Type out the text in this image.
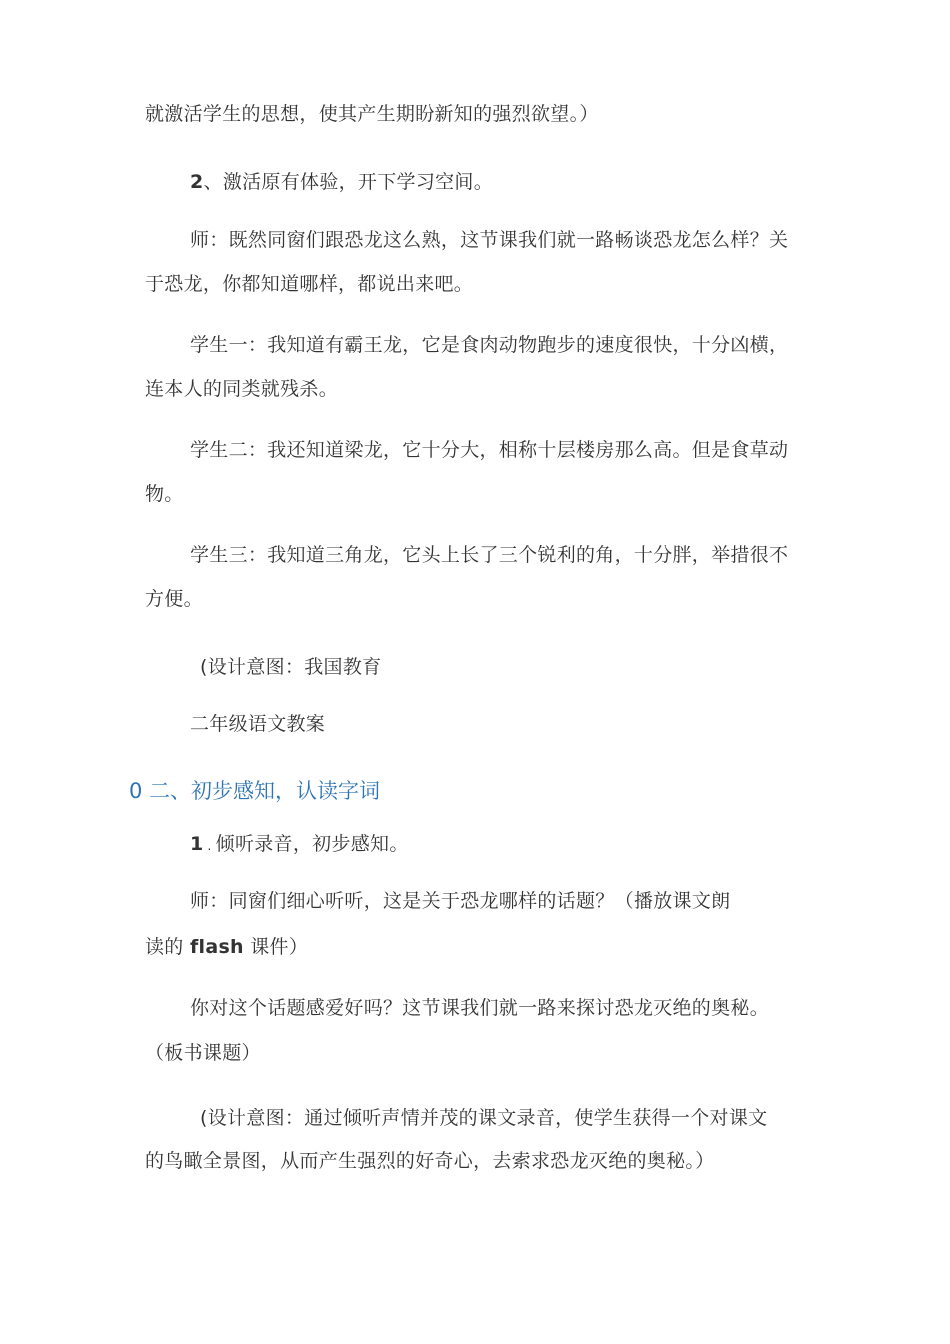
就激活学生的思想，使其产生期盼新知的强烈欲望。）
2、激活原有体验，开下学习空间。
师：既然同窗们跟恐龙这么熟，这节课我们就一路畅谈恐龙怎么样？关
于恐龙，你都知道哪样，都说出来吧。
学生一：我知道有霸王龙，它是食肉动物跑步的速度很快，十分凶横，
连本人的同类就残杀。
学生二：我还知道梁龙，它十分大，相称十层楼房那么高。但是食草动
物。
学生三：我知道三角龙，它头上长了三个锐利的角，十分胖，举措很不
方便。
(设计意图：我国教育
二年级语文教案
0 二、初步感知，认读字词
1 . 倾听录音，初步感知。
师：同窗们细心听听，这是关于恐龙哪样的话题？（播放课文朗
读的 flash 课件）
你对这个话题感爱好吗？这节课我们就一路来探讨恐龙灭绝的奥秘。
（板书课题）
(设计意图：通过倾听声情并茂的课文录音，使学生获得一个对课文
的鸟瞰全景图，从而产生强烈的好奇心，去索求恐龙灭绝的奥秘。）
